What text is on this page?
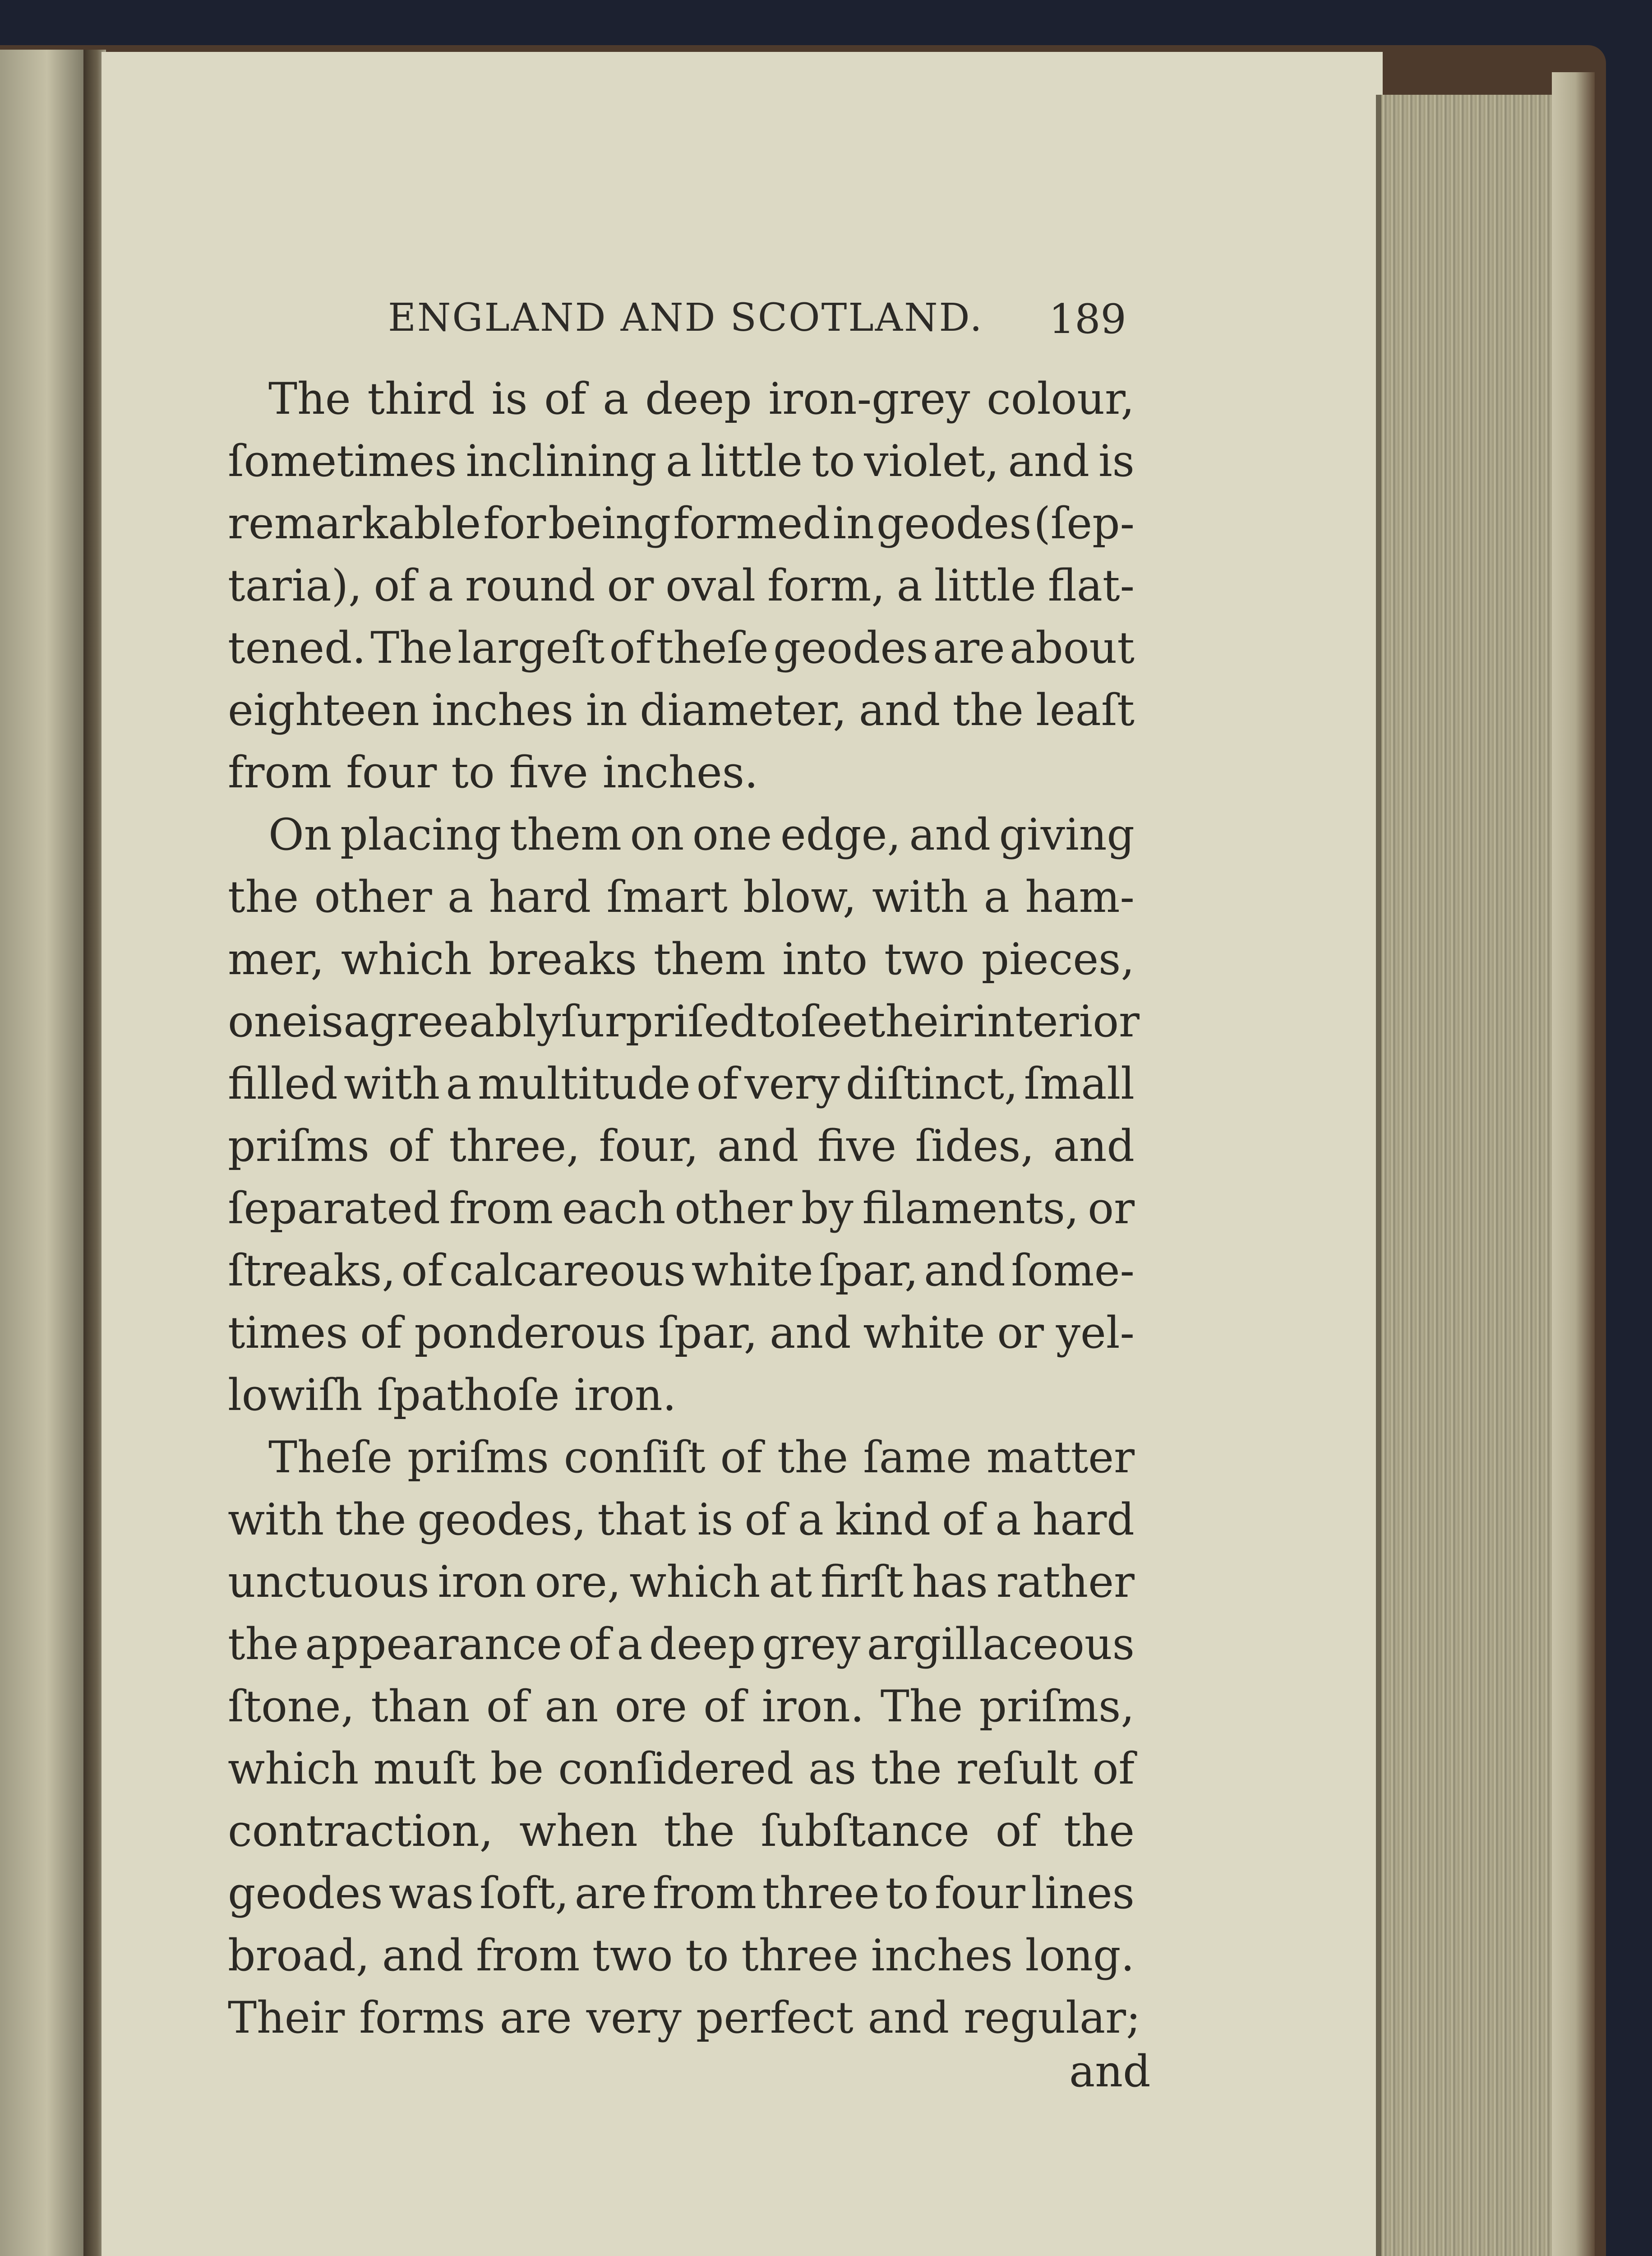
ENGLAND AND SCOTLAND. 189
The third is of a deep iron-grey colour,
ſometimes inclining a little to violet, and is
remarkable for being formed in geodes (ſep-
taria), of a round or oval form, a little flat-
tened. The largeſt of theſe geodes are about
eighteen inches in diameter, and the leaſt
from four to five inches.
On placing them on one edge, and giving
the other a hard ſmart blow, with a ham-
mer, which breaks them into two pieces,
one is agreeably ſurpriſed to ſee their interior
filled with a multitude of very diſtinct, ſmall
priſms of three, four, and five ſides, and
ſeparated from each other by filaments, or
ſtreaks, of calcareous white ſpar, and ſome-
times of ponderous ſpar, and white or yel-
lowiſh ſpathoſe iron.
Theſe priſms conſiſt of the ſame matter
with the geodes, that is of a kind of a hard
unctuous iron ore, which at firſt has rather
the appearance of a deep grey argillaceous
ſtone, than of an ore of iron. The priſms,
which muſt be conſidered as the reſult of
contraction, when the ſubſtance of the
geodes was ſoft, are from three to four lines
broad, and from two to three inches long.
Their forms are very perfect and regular;
and
